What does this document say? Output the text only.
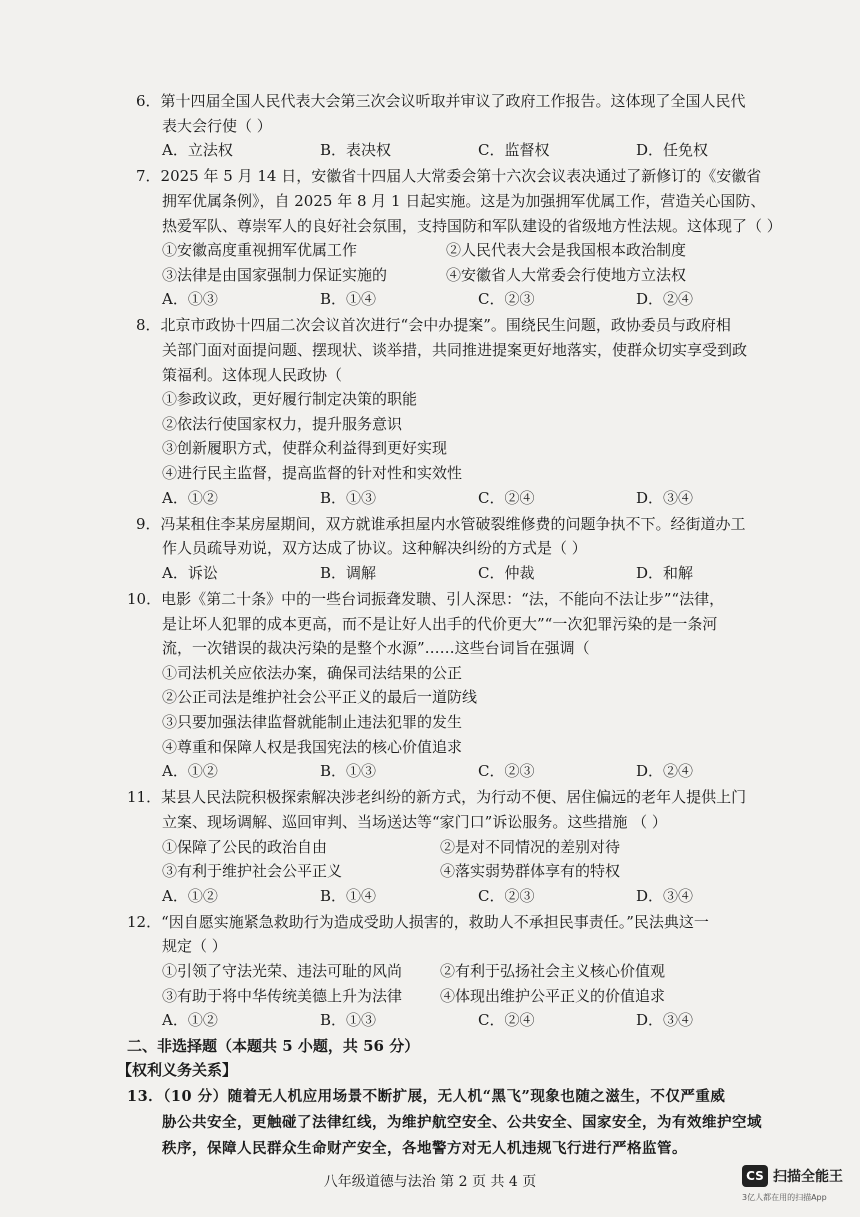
6．第十四届全国人民代表大会第三次会议听取并审议了政府工作报告。这体现了全国人民代
表大会行使（ ）
A．立法权	B．表决权	C．监督权	D．任免权
7．2025 年 5 月 14 日，安徽省十四届人大常委会第十六次会议表决通过了新修订的《安徽省
拥军优属条例》，自 2025 年 8 月 1 日起实施。这是为加强拥军优属工作，营造关心国防、
热爱军队、尊崇军人的良好社会氛围，支持国防和军队建设的省级地方性法规。这体现了（ ）
①安徽高度重视拥军优属工作	②人民代表大会是我国根本政治制度
③法律是由国家强制力保证实施的	④安徽省人大常委会行使地方立法权
A．①③	B．①④	C．②③	D．②④
8．北京市政协十四届二次会议首次进行“会中办提案”。围绕民生问题，政协委员与政府相
关部门面对面提问题、摆现状、谈举措，共同推进提案更好地落实，使群众切实享受到政
策福利。这体现人民政协（
①参政议政，更好履行制定决策的职能
②依法行使国家权力，提升服务意识
③创新履职方式，使群众利益得到更好实现
④进行民主监督，提高监督的针对性和实效性
A．①②	B．①③	C．②④	D．③④
9．冯某租住李某房屋期间，双方就谁承担屋内水管破裂维修费的问题争执不下。经街道办工
作人员疏导劝说，双方达成了协议。这种解决纠纷的方式是（ ）
A．诉讼	B．调解	C．仲裁	D．和解
10．电影《第二十条》中的一些台词振聋发聩、引人深思：“法，不能向不法让步”“法律，
是让坏人犯罪的成本更高，而不是让好人出手的代价更大”“一次犯罪污染的是一条河
流，一次错误的裁决污染的是整个水源”……这些台词旨在强调（
①司法机关应依法办案，确保司法结果的公正
②公正司法是维护社会公平正义的最后一道防线
③只要加强法律监督就能制止违法犯罪的发生
④尊重和保障人权是我国宪法的核心价值追求
A．①②	B．①③	C．②③	D．②④
11．某县人民法院积极探索解决涉老纠纷的新方式，为行动不便、居住偏远的老年人提供上门
立案、现场调解、巡回审判、当场送达等“家门口”诉讼服务。这些措施 （ ）
①保障了公民的政治自由	②是对不同情况的差别对待
③有利于维护社会公平正义	④落实弱势群体享有的特权
A．①②	B．①④	C．②③	D．③④
12．“因自愿实施紧急救助行为造成受助人损害的，救助人不承担民事责任。”民法典这一
规定（ ）
①引领了守法光荣、违法可耻的风尚	②有利于弘扬社会主义核心价值观
③有助于将中华传统美德上升为法律	④体现出维护公平正义的价值追求
A．①②	B．①③	C．②④	D．③④
二、非选择题（本题共 5 小题，共 56 分）
【权利义务关系】
13．（10 分）随着无人机应用场景不断扩展，无人机“黑飞”现象也随之滋生，不仅严重威
胁公共安全，更触碰了法律红线，为维护航空安全、公共安全、国家安全，为有效维护空域
秩序，保障人民群众生命财产安全，各地警方对无人机违规飞行进行严格监管。
八年级道德与法治 第 2 页 共 4 页	CS 扫描全能王
3亿人都在用的扫描App
